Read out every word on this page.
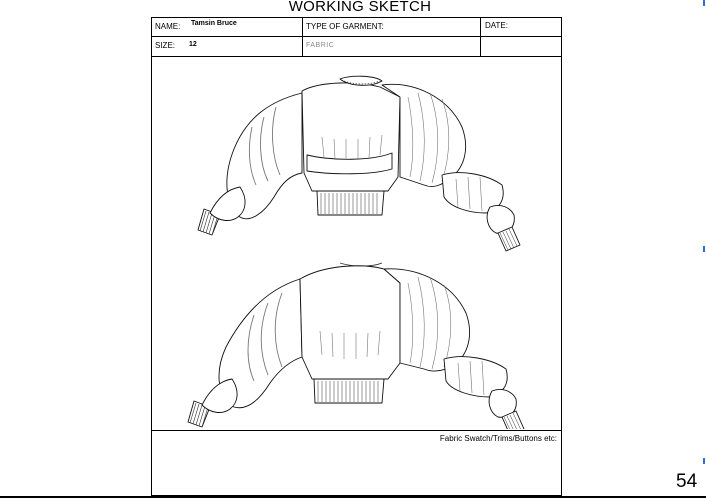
WORKING SKETCH
NAME: Tamsin Bruce	TYPE OF GARMENT:	DATE:
SIZE: 12	FABRIC
Fabric Swatch/Trims/Buttons etc:
54
